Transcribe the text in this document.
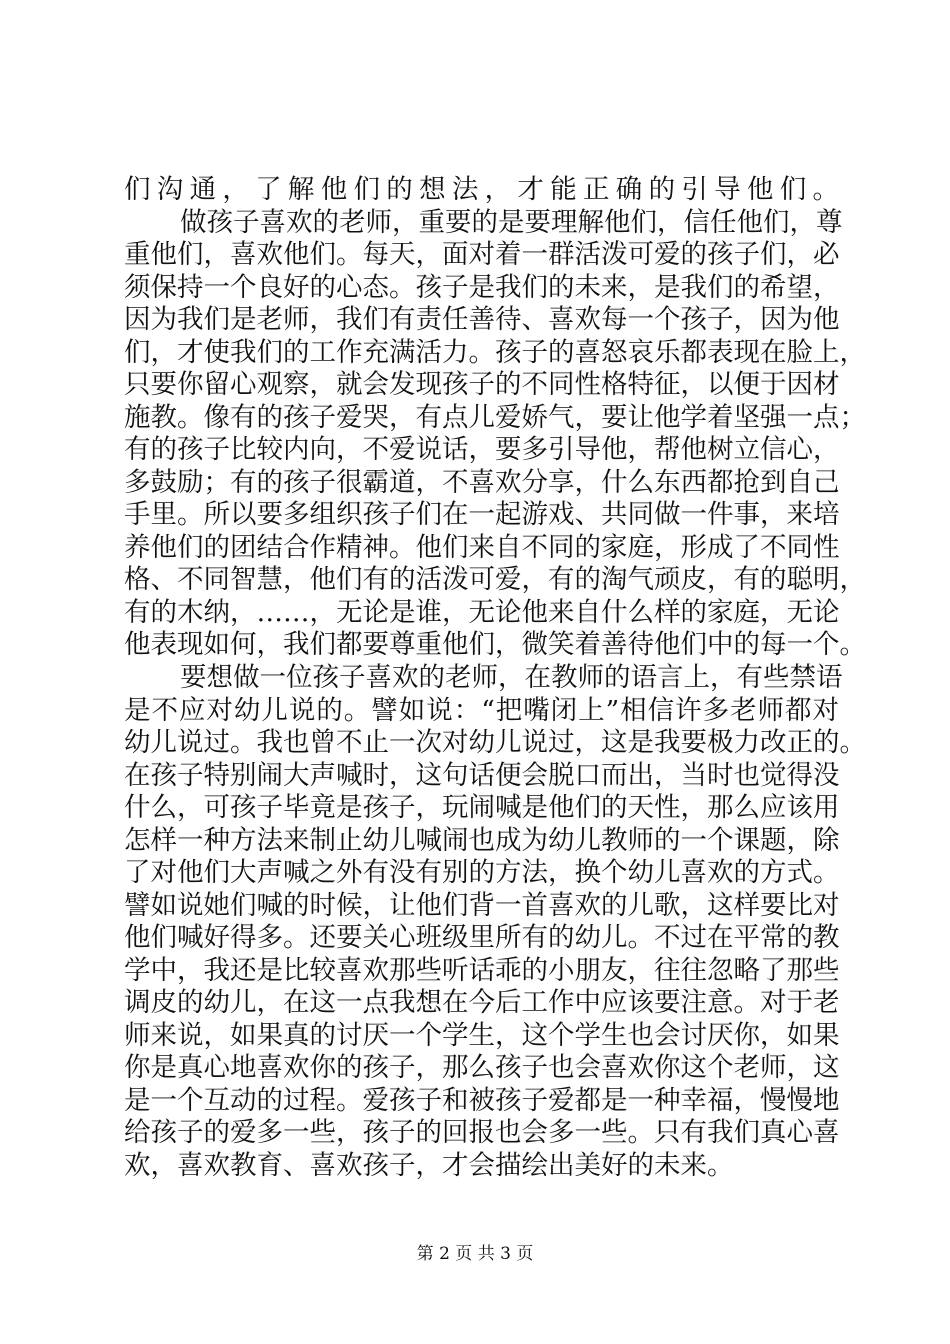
们沟通，了解他们的想法，才能正确的引导他们。
做孩子喜欢的老师，重要的是要理解他们，信任他们，尊
重他们，喜欢他们。每天，面对着一群活泼可爱的孩子们，必
须保持一个良好的心态。孩子是我们的未来，是我们的希望，
因为我们是老师，我们有责任善待、喜欢每一个孩子，因为他
们，才使我们的工作充满活力。孩子的喜怒哀乐都表现在脸上，
只要你留心观察，就会发现孩子的不同性格特征，以便于因材
施教。像有的孩子爱哭，有点儿爱娇气，要让他学着坚强一点；
有的孩子比较内向，不爱说话，要多引导他，帮他树立信心，
多鼓励；有的孩子很霸道，不喜欢分享，什么东西都抢到自己
手里。所以要多组织孩子们在一起游戏、共同做一件事，来培
养他们的团结合作精神。他们来自不同的家庭，形成了不同性
格、不同智慧，他们有的活泼可爱，有的淘气顽皮，有的聪明，
有的木纳，……，无论是谁，无论他来自什么样的家庭，无论
他表现如何，我们都要尊重他们，微笑着善待他们中的每一个。
要想做一位孩子喜欢的老师，在教师的语言上，有些禁语
是不应对幼儿说的。譬如说：“把嘴闭上”相信许多老师都对
幼儿说过。我也曾不止一次对幼儿说过，这是我要极力改正的。
在孩子特别闹大声喊时，这句话便会脱口而出，当时也觉得没
什么，可孩子毕竟是孩子，玩闹喊是他们的天性，那么应该用
怎样一种方法来制止幼儿喊闹也成为幼儿教师的一个课题，除
了对他们大声喊之外有没有别的方法，换个幼儿喜欢的方式。
譬如说她们喊的时候，让他们背一首喜欢的儿歌，这样要比对
他们喊好得多。还要关心班级里所有的幼儿。不过在平常的教
学中，我还是比较喜欢那些听话乖的小朋友，往往忽略了那些
调皮的幼儿，在这一点我想在今后工作中应该要注意。对于老
师来说，如果真的讨厌一个学生，这个学生也会讨厌你，如果
你是真心地喜欢你的孩子，那么孩子也会喜欢你这个老师，这
是一个互动的过程。爱孩子和被孩子爱都是一种幸福，慢慢地
给孩子的爱多一些，孩子的回报也会多一些。只有我们真心喜
欢，喜欢教育、喜欢孩子，才会描绘出美好的未来。
第 2 页 共 3 页
